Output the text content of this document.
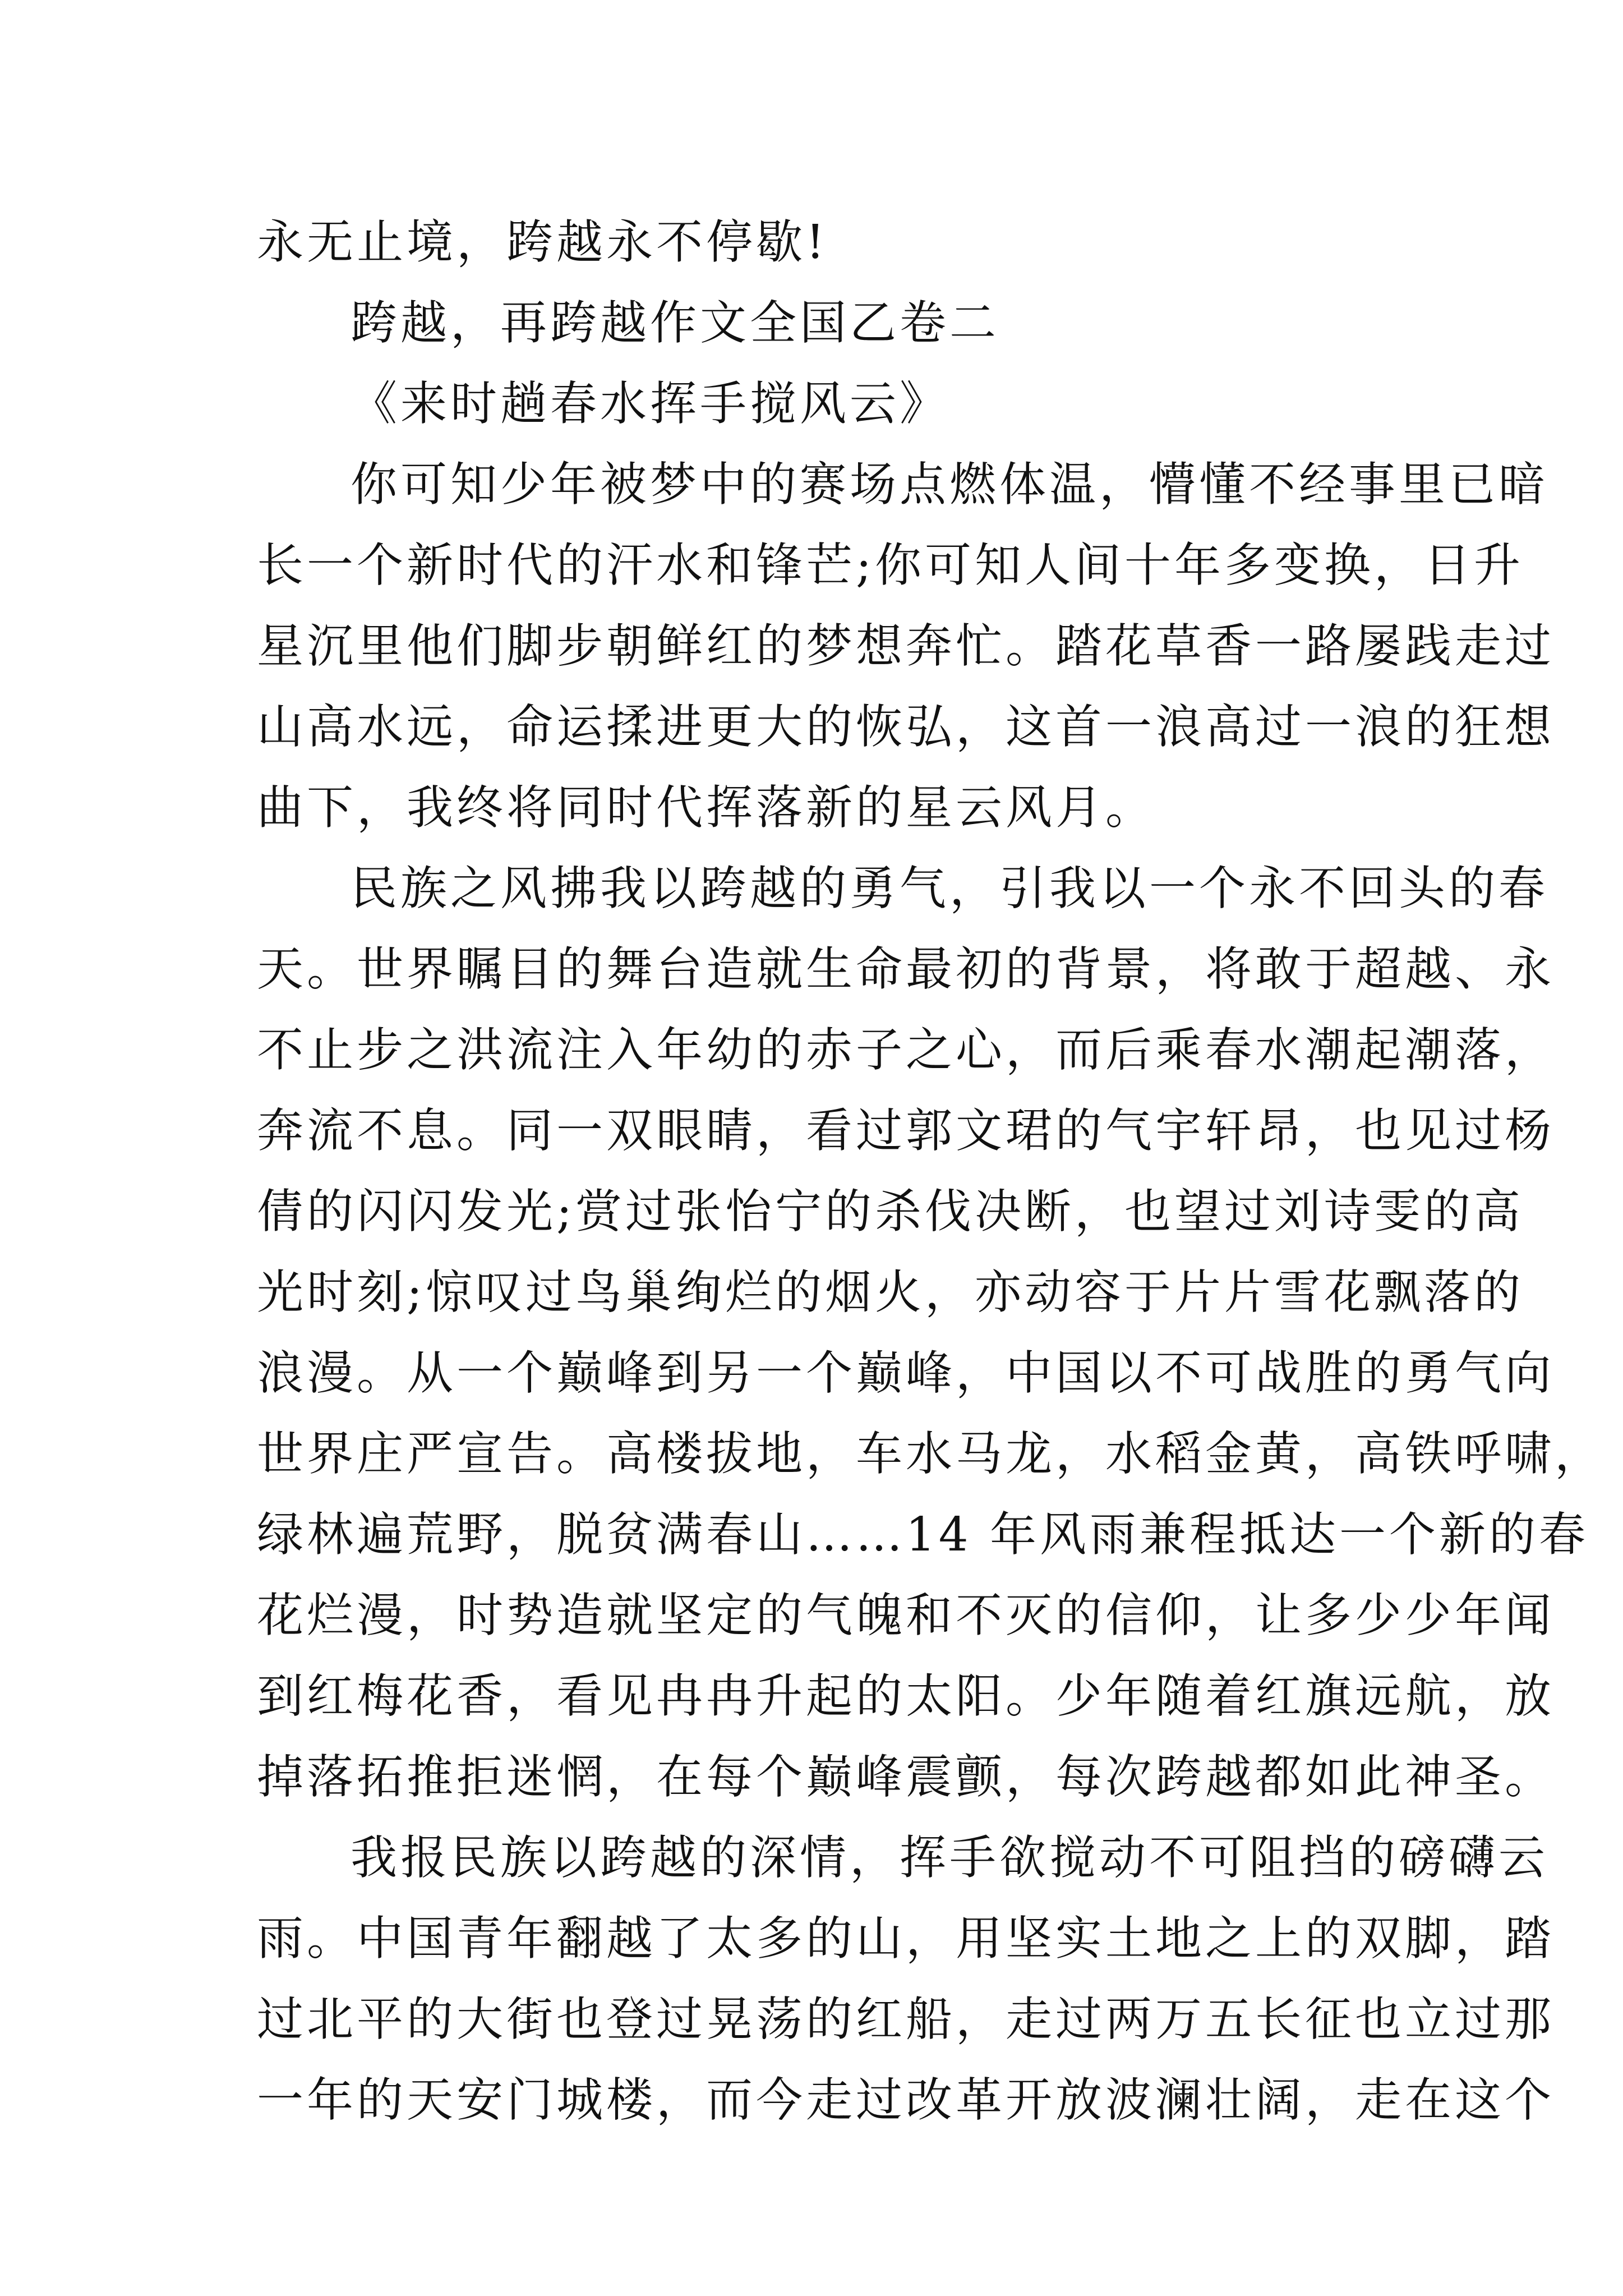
永无止境，跨越永不停歇!
跨越，再跨越作文全国乙卷二
《来时趟春水挥手搅风云》
你可知少年被梦中的赛场点燃体温，懵懂不经事里已暗
长一个新时代的汗水和锋芒;你可知人间十年多变换，日升
星沉里他们脚步朝鲜红的梦想奔忙。踏花草香一路屡践走过
山高水远，命运揉进更大的恢弘，这首一浪高过一浪的狂想
曲下，我终将同时代挥落新的星云风月。
民族之风拂我以跨越的勇气，引我以一个永不回头的春
天。世界瞩目的舞台造就生命最初的背景，将敢于超越、永
不止步之洪流注入年幼的赤子之心，而后乘春水潮起潮落，
奔流不息。同一双眼睛，看过郭文珺的气宇轩昂，也见过杨
倩的闪闪发光;赏过张怡宁的杀伐决断，也望过刘诗雯的高
光时刻;惊叹过鸟巢绚烂的烟火，亦动容于片片雪花飘落的
浪漫。从一个巅峰到另一个巅峰，中国以不可战胜的勇气向
世界庄严宣告。高楼拔地，车水马龙，水稻金黄，高铁呼啸，
绿林遍荒野，脱贫满春山……14 年风雨兼程抵达一个新的春
花烂漫，时势造就坚定的气魄和不灭的信仰，让多少少年闻
到红梅花香，看见冉冉升起的太阳。少年随着红旗远航，放
掉落拓推拒迷惘，在每个巅峰震颤，每次跨越都如此神圣。
我报民族以跨越的深情，挥手欲搅动不可阻挡的磅礴云
雨。中国青年翻越了太多的山，用坚实土地之上的双脚，踏
过北平的大街也登过晃荡的红船，走过两万五长征也立过那
一年的天安门城楼，而今走过改革开放波澜壮阔，走在这个
